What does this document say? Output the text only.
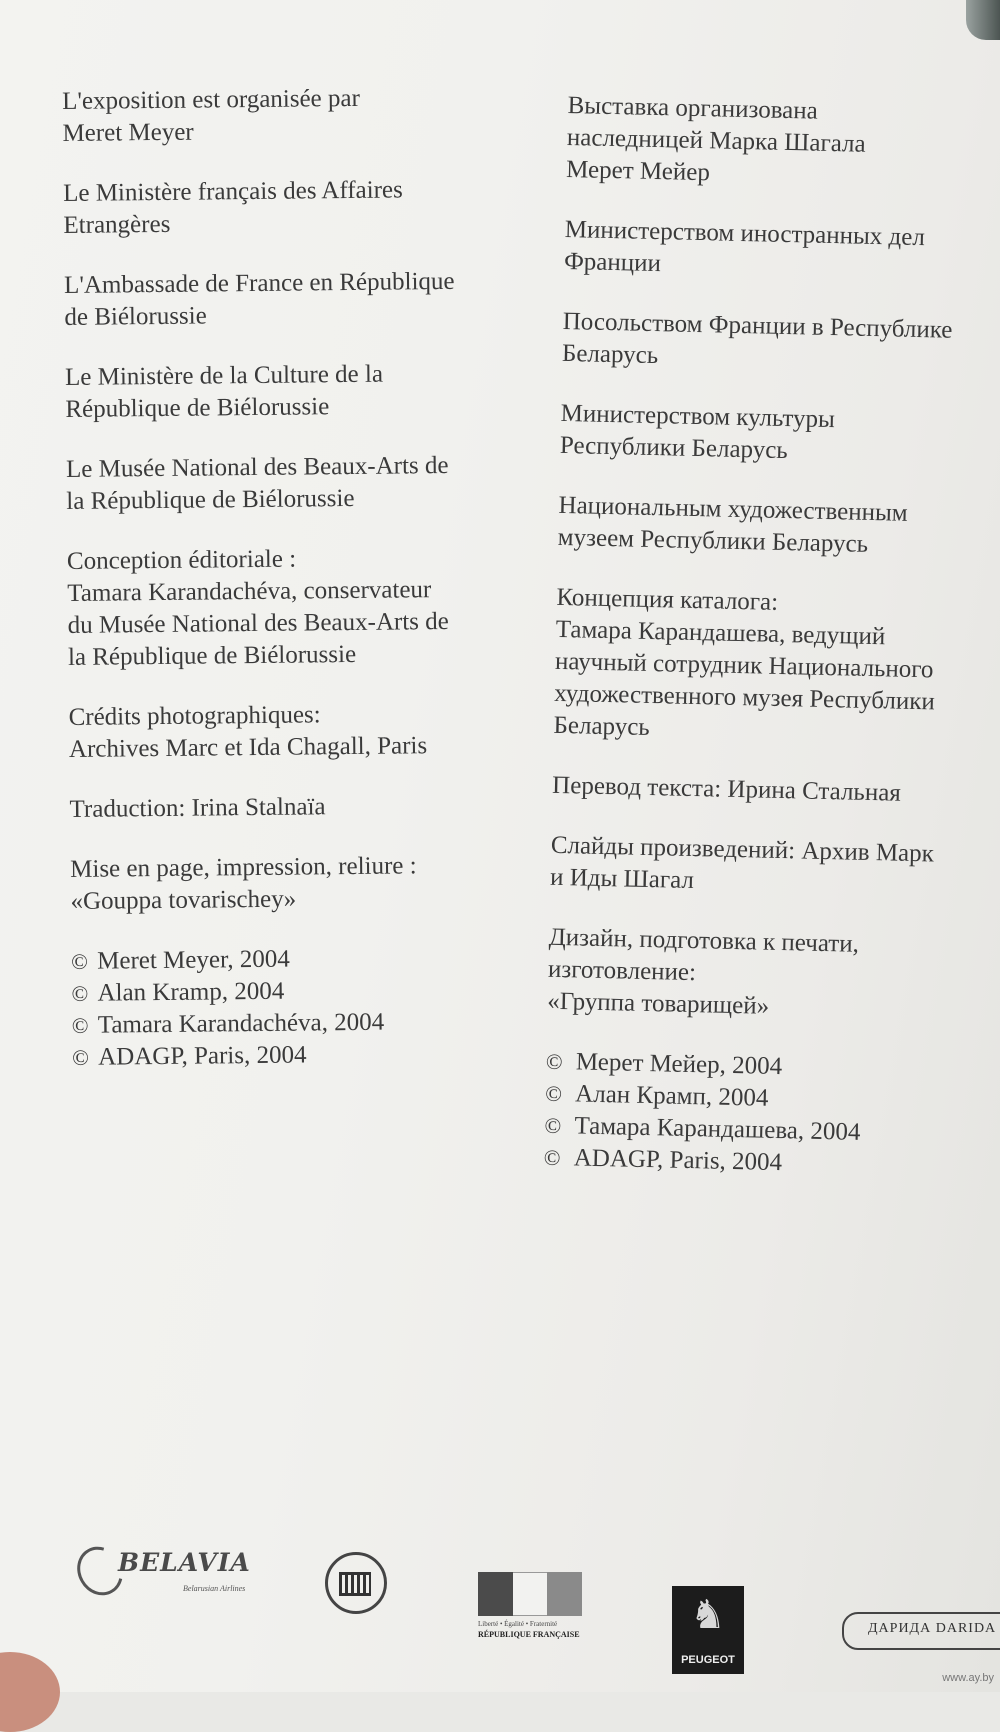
L'exposition est organisée par
Meret Meyer
Le Ministère français des Affaires
Etrangères
L'Ambassade de France en République
de Biélorussie
Le Ministère de la Culture de la
République de Biélorussie
Le Musée National des Beaux-Arts de
la République de Biélorussie
Conception éditoriale :
Tamara Karandachéva, conservateur
du Musée National des Beaux-Arts de
la République de Biélorussie
Crédits photographiques:
Archives Marc et Ida Chagall, Paris
Traduction: Irina Stalnaïa
Mise en page, impression, reliure :
«Gouppa tovarischey»
© Meret Meyer, 2004
© Alan Kramp, 2004
© Tamara Karandachéva, 2004
© ADAGP, Paris, 2004
Выставка организована
наследницей Марка Шагала
Мерет Мейер
Министерством иностранных дел
Франции
Посольством Франции в Республике
Беларусь
Министерством культуры
Республики Беларусь
Национальным художественным
музеем Республики Беларусь
Концепция каталога:
Тамара Карандашева, ведущий
научный сотрудник Национального
художественного музея Республики
Беларусь
Перевод текста: Ирина Стальная
Слайды произведений: Архив Марк
и Иды Шагал
Дизайн, подготовка к печати,
изготовление:
«Группа товарищей»
© Мерет Мейер, 2004
© Алан Крамп, 2004
© Тамара Карандашева, 2004
© ADAGP, Paris, 2004
BELAVIA
Belarusian Airlines
Liberté • Égalité • Fraternité
RÉPUBLIQUE FRANÇAISE	♞
PEUGEOT
ДАРИДА DARIDA
www.ay.by
